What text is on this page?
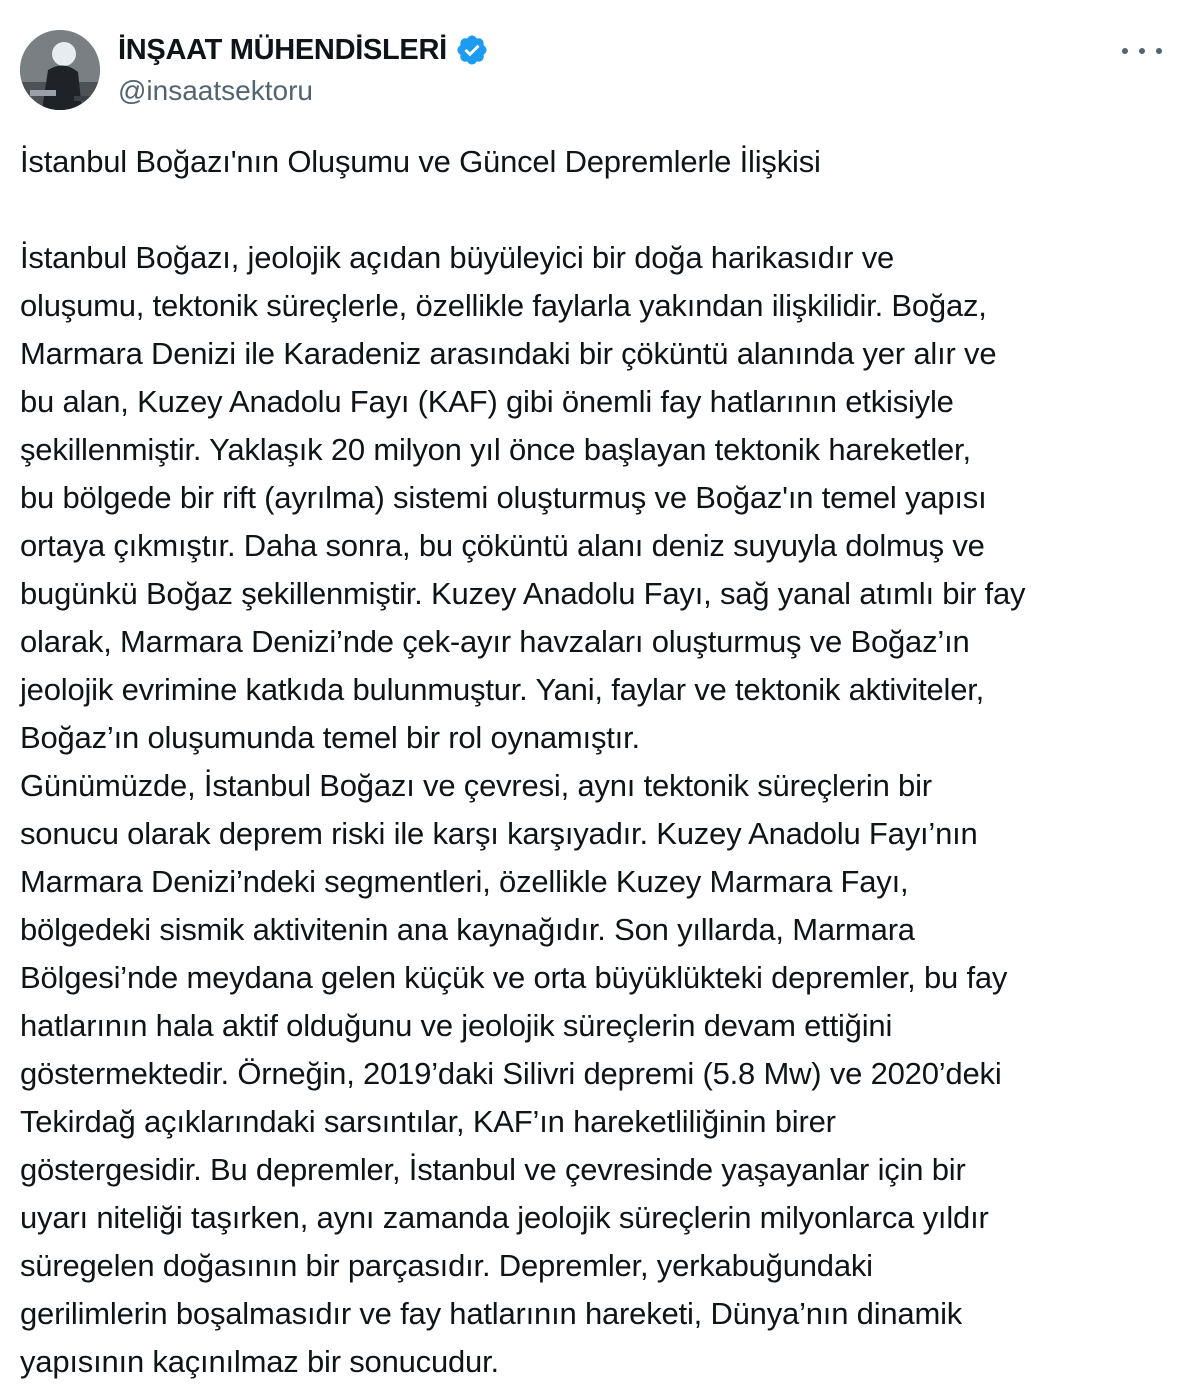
İNŞAAT MÜHENDİSLERİ
@insaatsektoru
İstanbul Boğazı'nın Oluşumu ve Güncel Depremlerle İlişkisi
İstanbul Boğazı, jeolojik açıdan büyüleyici bir doğa harikasıdır ve
oluşumu, tektonik süreçlerle, özellikle faylarla yakından ilişkilidir. Boğaz,
Marmara Denizi ile Karadeniz arasındaki bir çöküntü alanında yer alır ve
bu alan, Kuzey Anadolu Fayı (KAF) gibi önemli fay hatlarının etkisiyle
şekillenmiştir. Yaklaşık 20 milyon yıl önce başlayan tektonik hareketler,
bu bölgede bir rift (ayrılma) sistemi oluşturmuş ve Boğaz'ın temel yapısı
ortaya çıkmıştır. Daha sonra, bu çöküntü alanı deniz suyuyla dolmuş ve
bugünkü Boğaz şekillenmiştir. Kuzey Anadolu Fayı, sağ yanal atımlı bir fay
olarak, Marmara Denizi’nde çek-ayır havzaları oluşturmuş ve Boğaz’ın
jeolojik evrimine katkıda bulunmuştur. Yani, faylar ve tektonik aktiviteler,
Boğaz’ın oluşumunda temel bir rol oynamıştır.
Günümüzde, İstanbul Boğazı ve çevresi, aynı tektonik süreçlerin bir
sonucu olarak deprem riski ile karşı karşıyadır. Kuzey Anadolu Fayı’nın
Marmara Denizi’ndeki segmentleri, özellikle Kuzey Marmara Fayı,
bölgedeki sismik aktivitenin ana kaynağıdır. Son yıllarda, Marmara
Bölgesi’nde meydana gelen küçük ve orta büyüklükteki depremler, bu fay
hatlarının hala aktif olduğunu ve jeolojik süreçlerin devam ettiğini
göstermektedir. Örneğin, 2019’daki Silivri depremi (5.8 Mw) ve 2020’deki
Tekirdağ açıklarındaki sarsıntılar, KAF’ın hareketliliğinin birer
göstergesidir. Bu depremler, İstanbul ve çevresinde yaşayanlar için bir
uyarı niteliği taşırken, aynı zamanda jeolojik süreçlerin milyonlarca yıldır
süregelen doğasının bir parçasıdır. Depremler, yerkabuğundaki
gerilimlerin boşalmasıdır ve fay hatlarının hareketi, Dünya’nın dinamik
yapısının kaçınılmaz bir sonucudur.
